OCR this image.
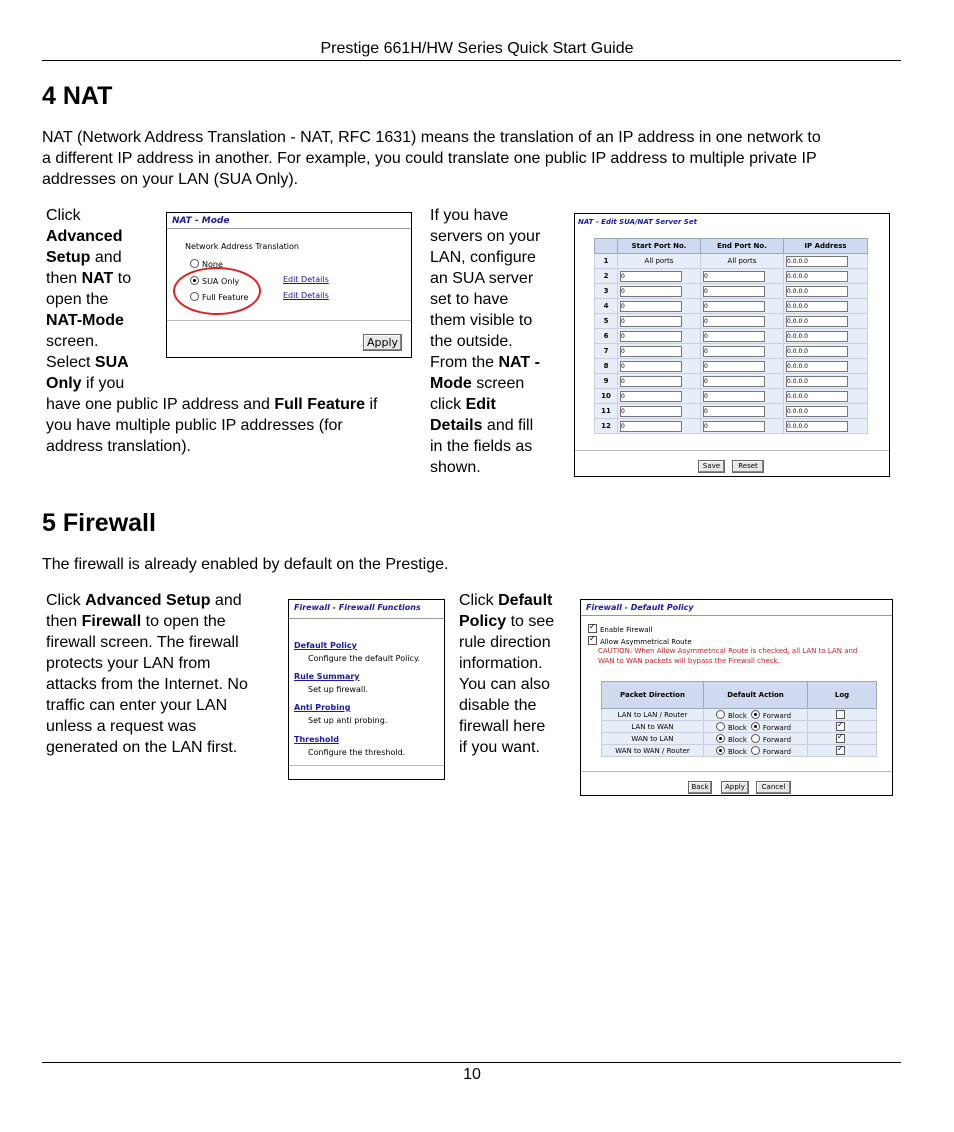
Prestige 661H/HW Series Quick Start Guide
4 NAT
NAT (Network Address Translation - NAT, RFC 1631) means the translation of an IP address in one network to
a different IP address in another. For example, you could translate one public IP address to multiple private IP
addresses on your LAN (SUA Only).
Click
Advanced
Setup and
then NAT to
open the
NAT-Mode
screen.
Select SUA
Only if you
have one public IP address and Full Feature if
you have multiple public IP addresses (for
address translation).
NAT - Mode
Network Address Translation
None
SUA Only
Full Feature
Edit Details
Edit Details
Apply
If you have
servers on your
LAN, configure
an SUA server
set to have
them visible to
the outside.
From the NAT -
Mode screen
click Edit
Details and fill
in the fields as
shown.
NAT - Edit SUA/NAT Server Set
	Start Port No.	End Port No.	IP Address
1	All ports	All ports	0.0.0.0
2	0	0	0.0.0.0
3	0	0	0.0.0.0
4	0	0	0.0.0.0
5	0	0	0.0.0.0
6	0	0	0.0.0.0
7	0	0	0.0.0.0
8	0	0	0.0.0.0
9	0	0	0.0.0.0
10	0	0	0.0.0.0
11	0	0	0.0.0.0
12	0	0	0.0.0.0
Save	Reset
5 Firewall
The firewall is already enabled by default on the Prestige.
Click Advanced Setup and
then Firewall to open the
firewall screen. The firewall
protects your LAN from
attacks from the Internet. No
traffic can enter your LAN
unless a request was
generated on the LAN first.
Firewall - Firewall Functions
Default Policy
Configure the default Policy.
Rule Summary
Set up firewall.
Anti Probing
Set up anti probing.
Threshold
Configure the threshold.
Click Default
Policy to see
rule direction
information.
You can also
disable the
firewall here
if you want.
Firewall - Default Policy
✓Enable Firewall
✓Allow Asymmetrical Route
CAUTION: When Allow Asymmetrical Route is checked, all LAN to LAN and
WAN to WAN packets will bypass the Firewall check.
Packet Direction	Default Action	Log
LAN to LAN / Router	Block Forward	
LAN to WAN	Block Forward	✓
WAN to LAN	Block Forward	✓
WAN to WAN / Router	Block Forward	✓
Back	Apply	Cancel
10
